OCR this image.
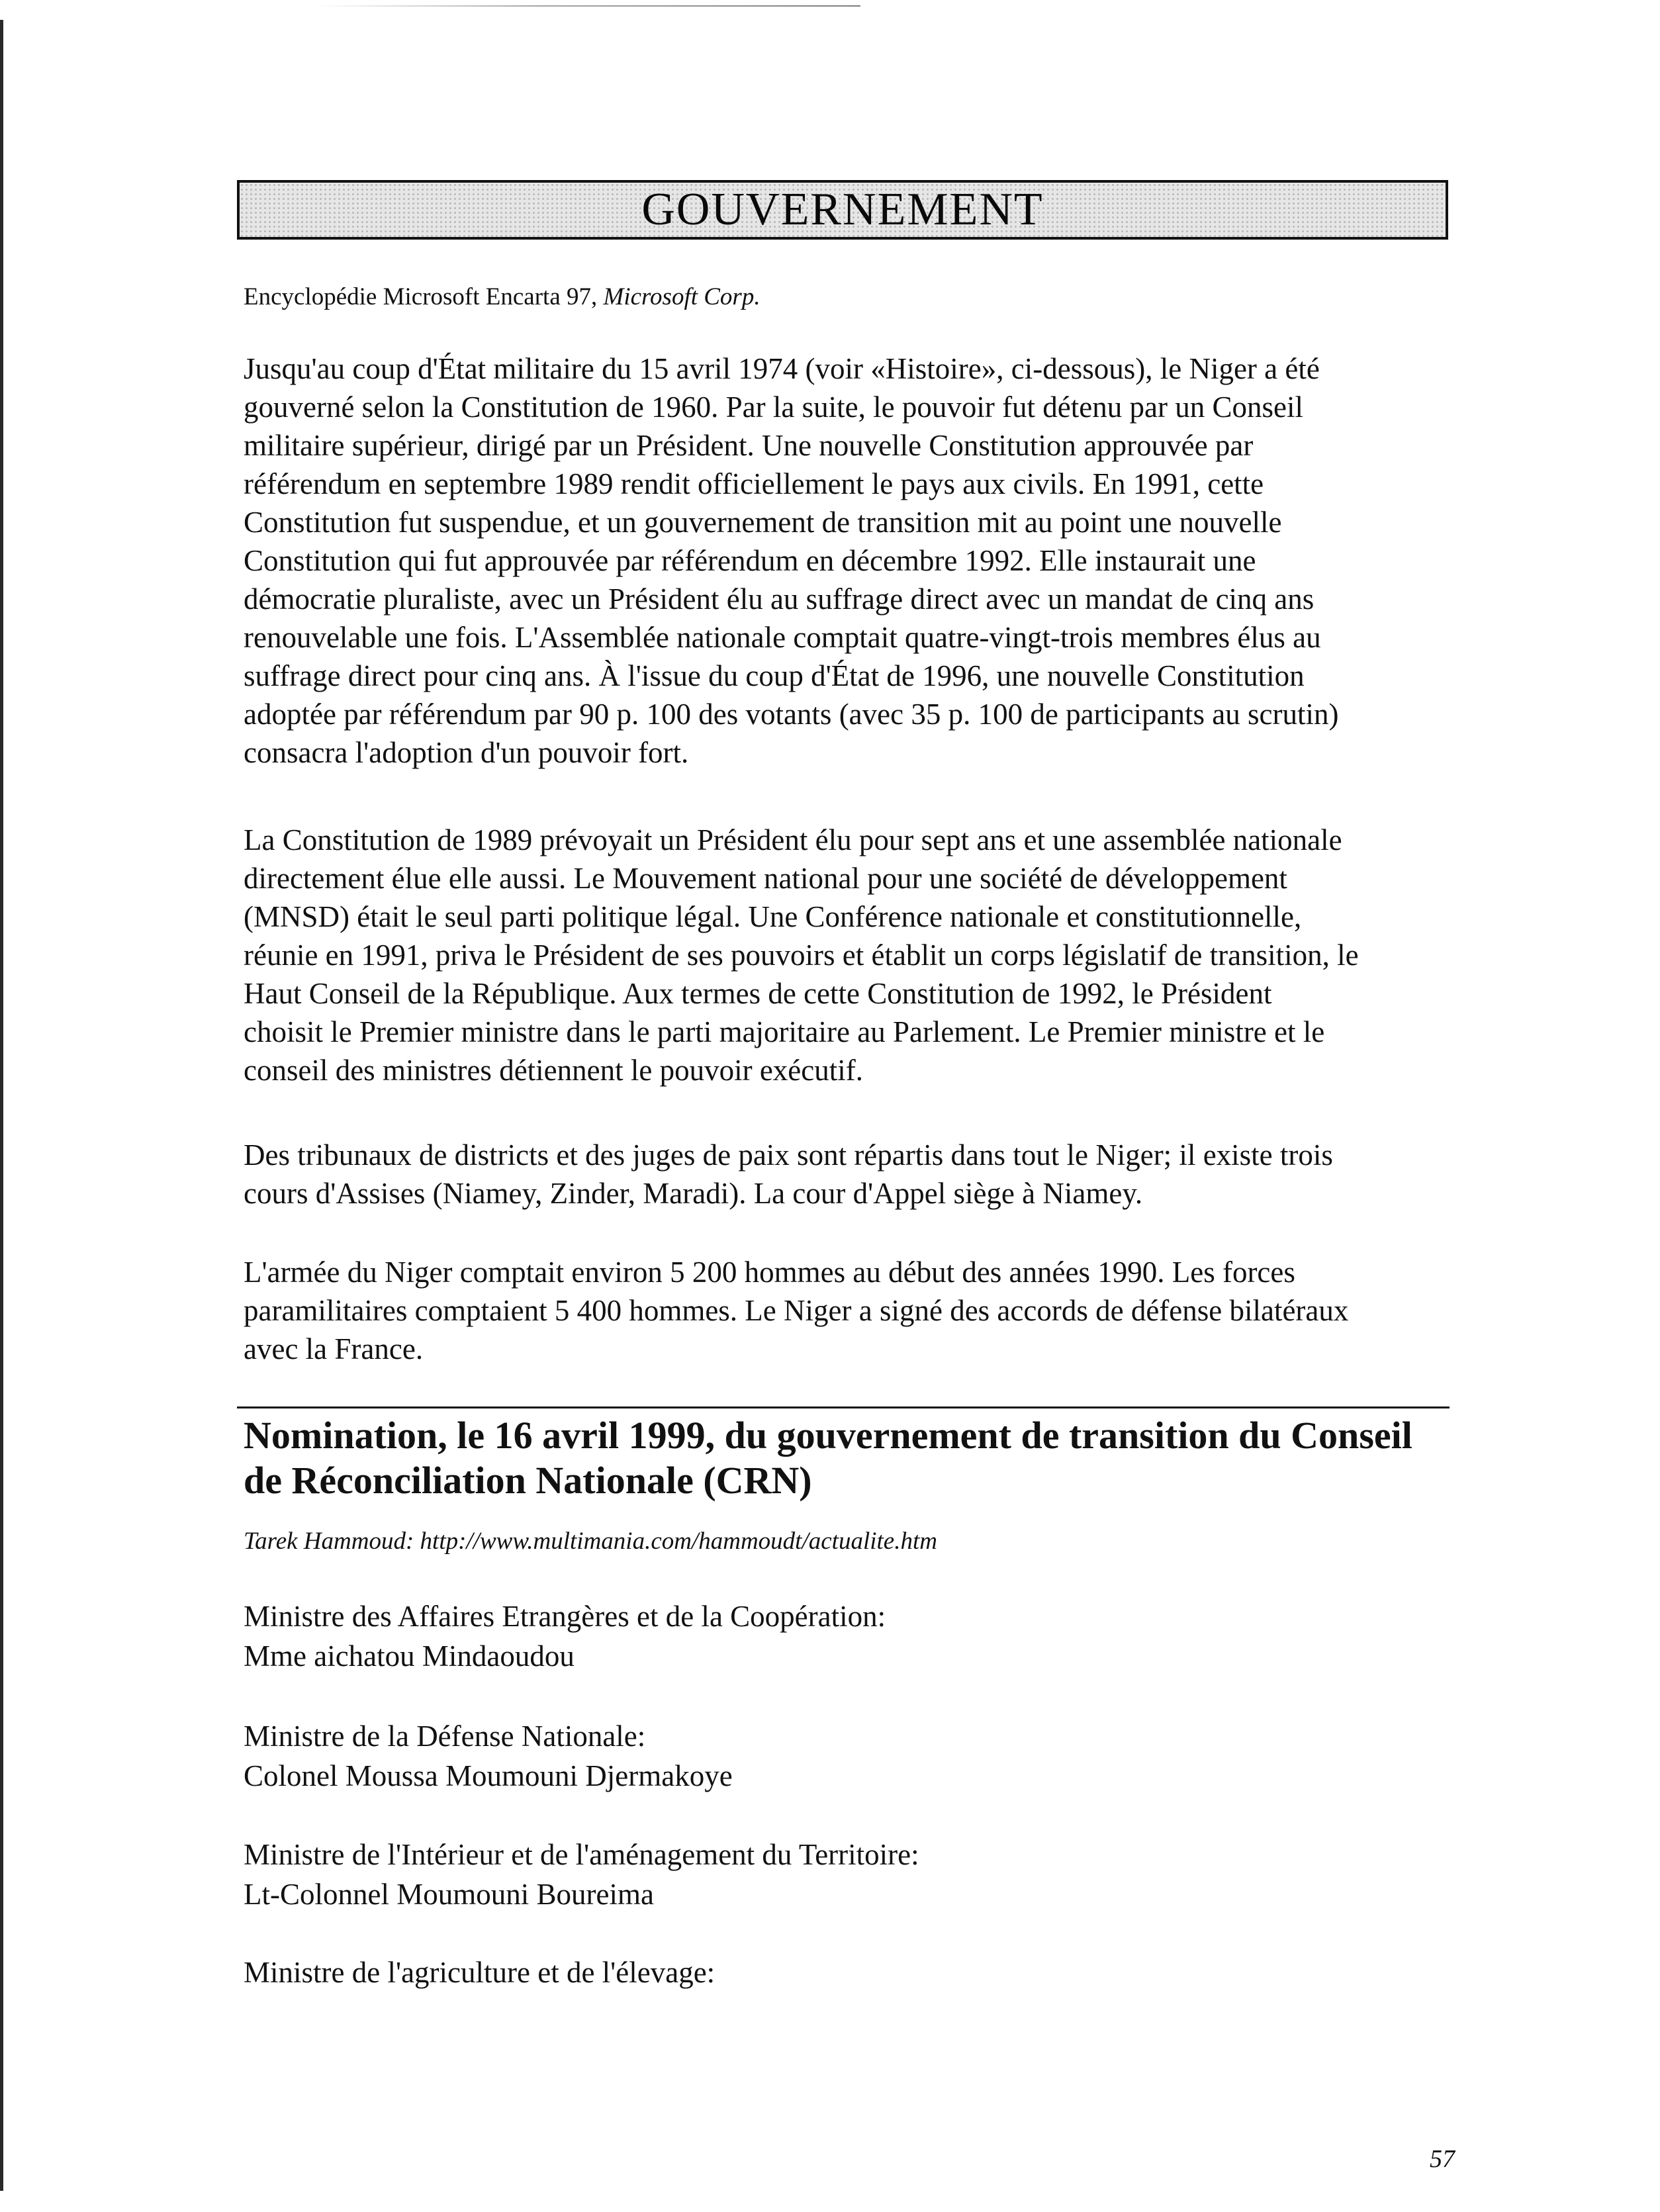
GOUVERNEMENT
Encyclopédie Microsoft Encarta 97, Microsoft Corp.

Jusqu'au coup d'État militaire du 15 avril 1974 (voir «Histoire», ci-dessous), le Niger a été
gouverné selon la Constitution de 1960. Par la suite, le pouvoir fut détenu par un Conseil
militaire supérieur, dirigé par un Président. Une nouvelle Constitution approuvée par
référendum en septembre 1989 rendit officiellement le pays aux civils. En 1991, cette
Constitution fut suspendue, et un gouvernement de transition mit au point une nouvelle
Constitution qui fut approuvée par référendum en décembre 1992. Elle instaurait une
démocratie pluraliste, avec un Président élu au suffrage direct avec un mandat de cinq ans
renouvelable une fois. L'Assemblée nationale comptait quatre-vingt-trois membres élus au
suffrage direct pour cinq ans. À l'issue du coup d'État de 1996, une nouvelle Constitution
adoptée par référendum par 90 p. 100 des votants (avec 35 p. 100 de participants au scrutin)
consacra l'adoption d'un pouvoir fort.

La Constitution de 1989 prévoyait un Président élu pour sept ans et une assemblée nationale
directement élue elle aussi. Le Mouvement national pour une société de développement
(MNSD) était le seul parti politique légal. Une Conférence nationale et constitutionnelle,
réunie en 1991, priva le Président de ses pouvoirs et établit un corps législatif de transition, le
Haut Conseil de la République. Aux termes de cette Constitution de 1992, le Président
choisit le Premier ministre dans le parti majoritaire au Parlement. Le Premier ministre et le
conseil des ministres détiennent le pouvoir exécutif.

Des tribunaux de districts et des juges de paix sont répartis dans tout le Niger; il existe trois
cours d'Assises (Niamey, Zinder, Maradi). La cour d'Appel siège à Niamey.

L'armée du Niger comptait environ 5 200 hommes au début des années 1990. Les forces
paramilitaires comptaient 5 400 hommes. Le Niger a signé des accords de défense bilatéraux
avec la France.

Nomination, le 16 avril 1999, du gouvernement de transition du Conseil
de Réconciliation Nationale (CRN)
Tarek Hammoud: http://www.multimania.com/hammoudt/actualite.htm
Ministre des Affaires Etrangères et de la Coopération:
Mme aichatou Mindaoudou
Ministre de la Défense Nationale:
Colonel Moussa Moumouni Djermakoye
Ministre de l'Intérieur et de l'aménagement du Territoire:
Lt-Colonnel Moumouni Boureima
Ministre de l'agriculture et de l'élevage:
57
